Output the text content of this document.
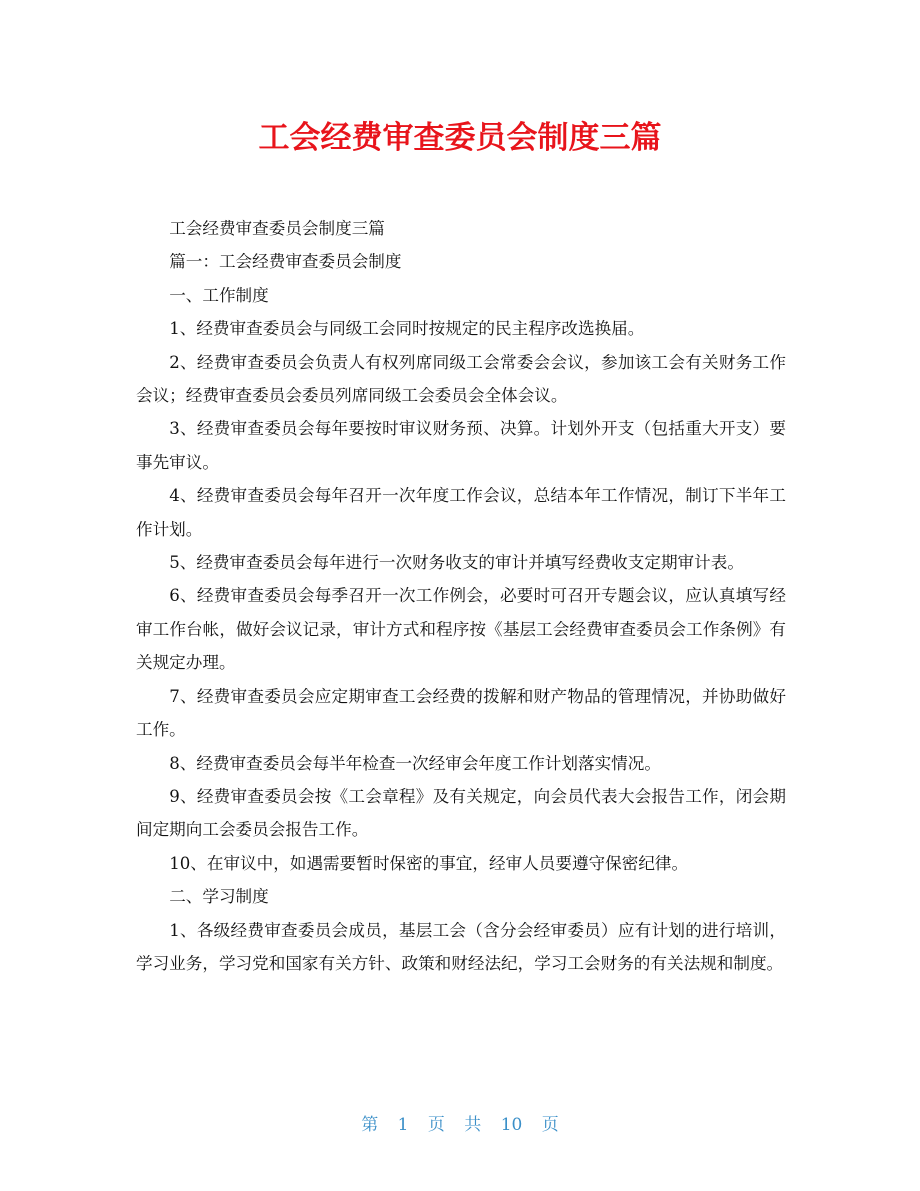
工会经费审查委员会制度三篇

工会经费审查委员会制度三篇

篇一：工会经费审查委员会制度

一、工作制度

1、经费审查委员会与同级工会同时按规定的民主程序改选换届。

2、经费审查委员会负责人有权列席同级工会常委会会议，参加该工会有关财务工作会议；经费审查委员会委员列席同级工会委员会全体会议。

3、经费审查委员会每年要按时审议财务预、决算。计划外开支（包括重大开支）要事先审议。

4、经费审查委员会每年召开一次年度工作会议，总结本年工作情况，制订下半年工作计划。

5、经费审查委员会每年进行一次财务收支的审计并填写经费收支定期审计表。

6、经费审查委员会每季召开一次工作例会，必要时可召开专题会议，应认真填写经审工作台帐，做好会议记录，审计方式和程序按《基层工会经费审查委员会工作条例》有关规定办理。

7、经费审查委员会应定期审查工会经费的拨解和财产物品的管理情况，并协助做好工作。

8、经费审查委员会每半年检查一次经审会年度工作计划落实情况。

9、经费审查委员会按《工会章程》及有关规定，向会员代表大会报告工作，闭会期间定期向工会委员会报告工作。

10、在审议中，如遇需要暂时保密的事宜，经审人员要遵守保密纪律。

二、学习制度

1、各级经费审查委员会成员，基层工会（含分会经审委员）应有计划的进行培训，学习业务，学习党和国家有关方针、政策和财经法纪，学习工会财务的有关法规和制度。

第 1 页 共 10 页
